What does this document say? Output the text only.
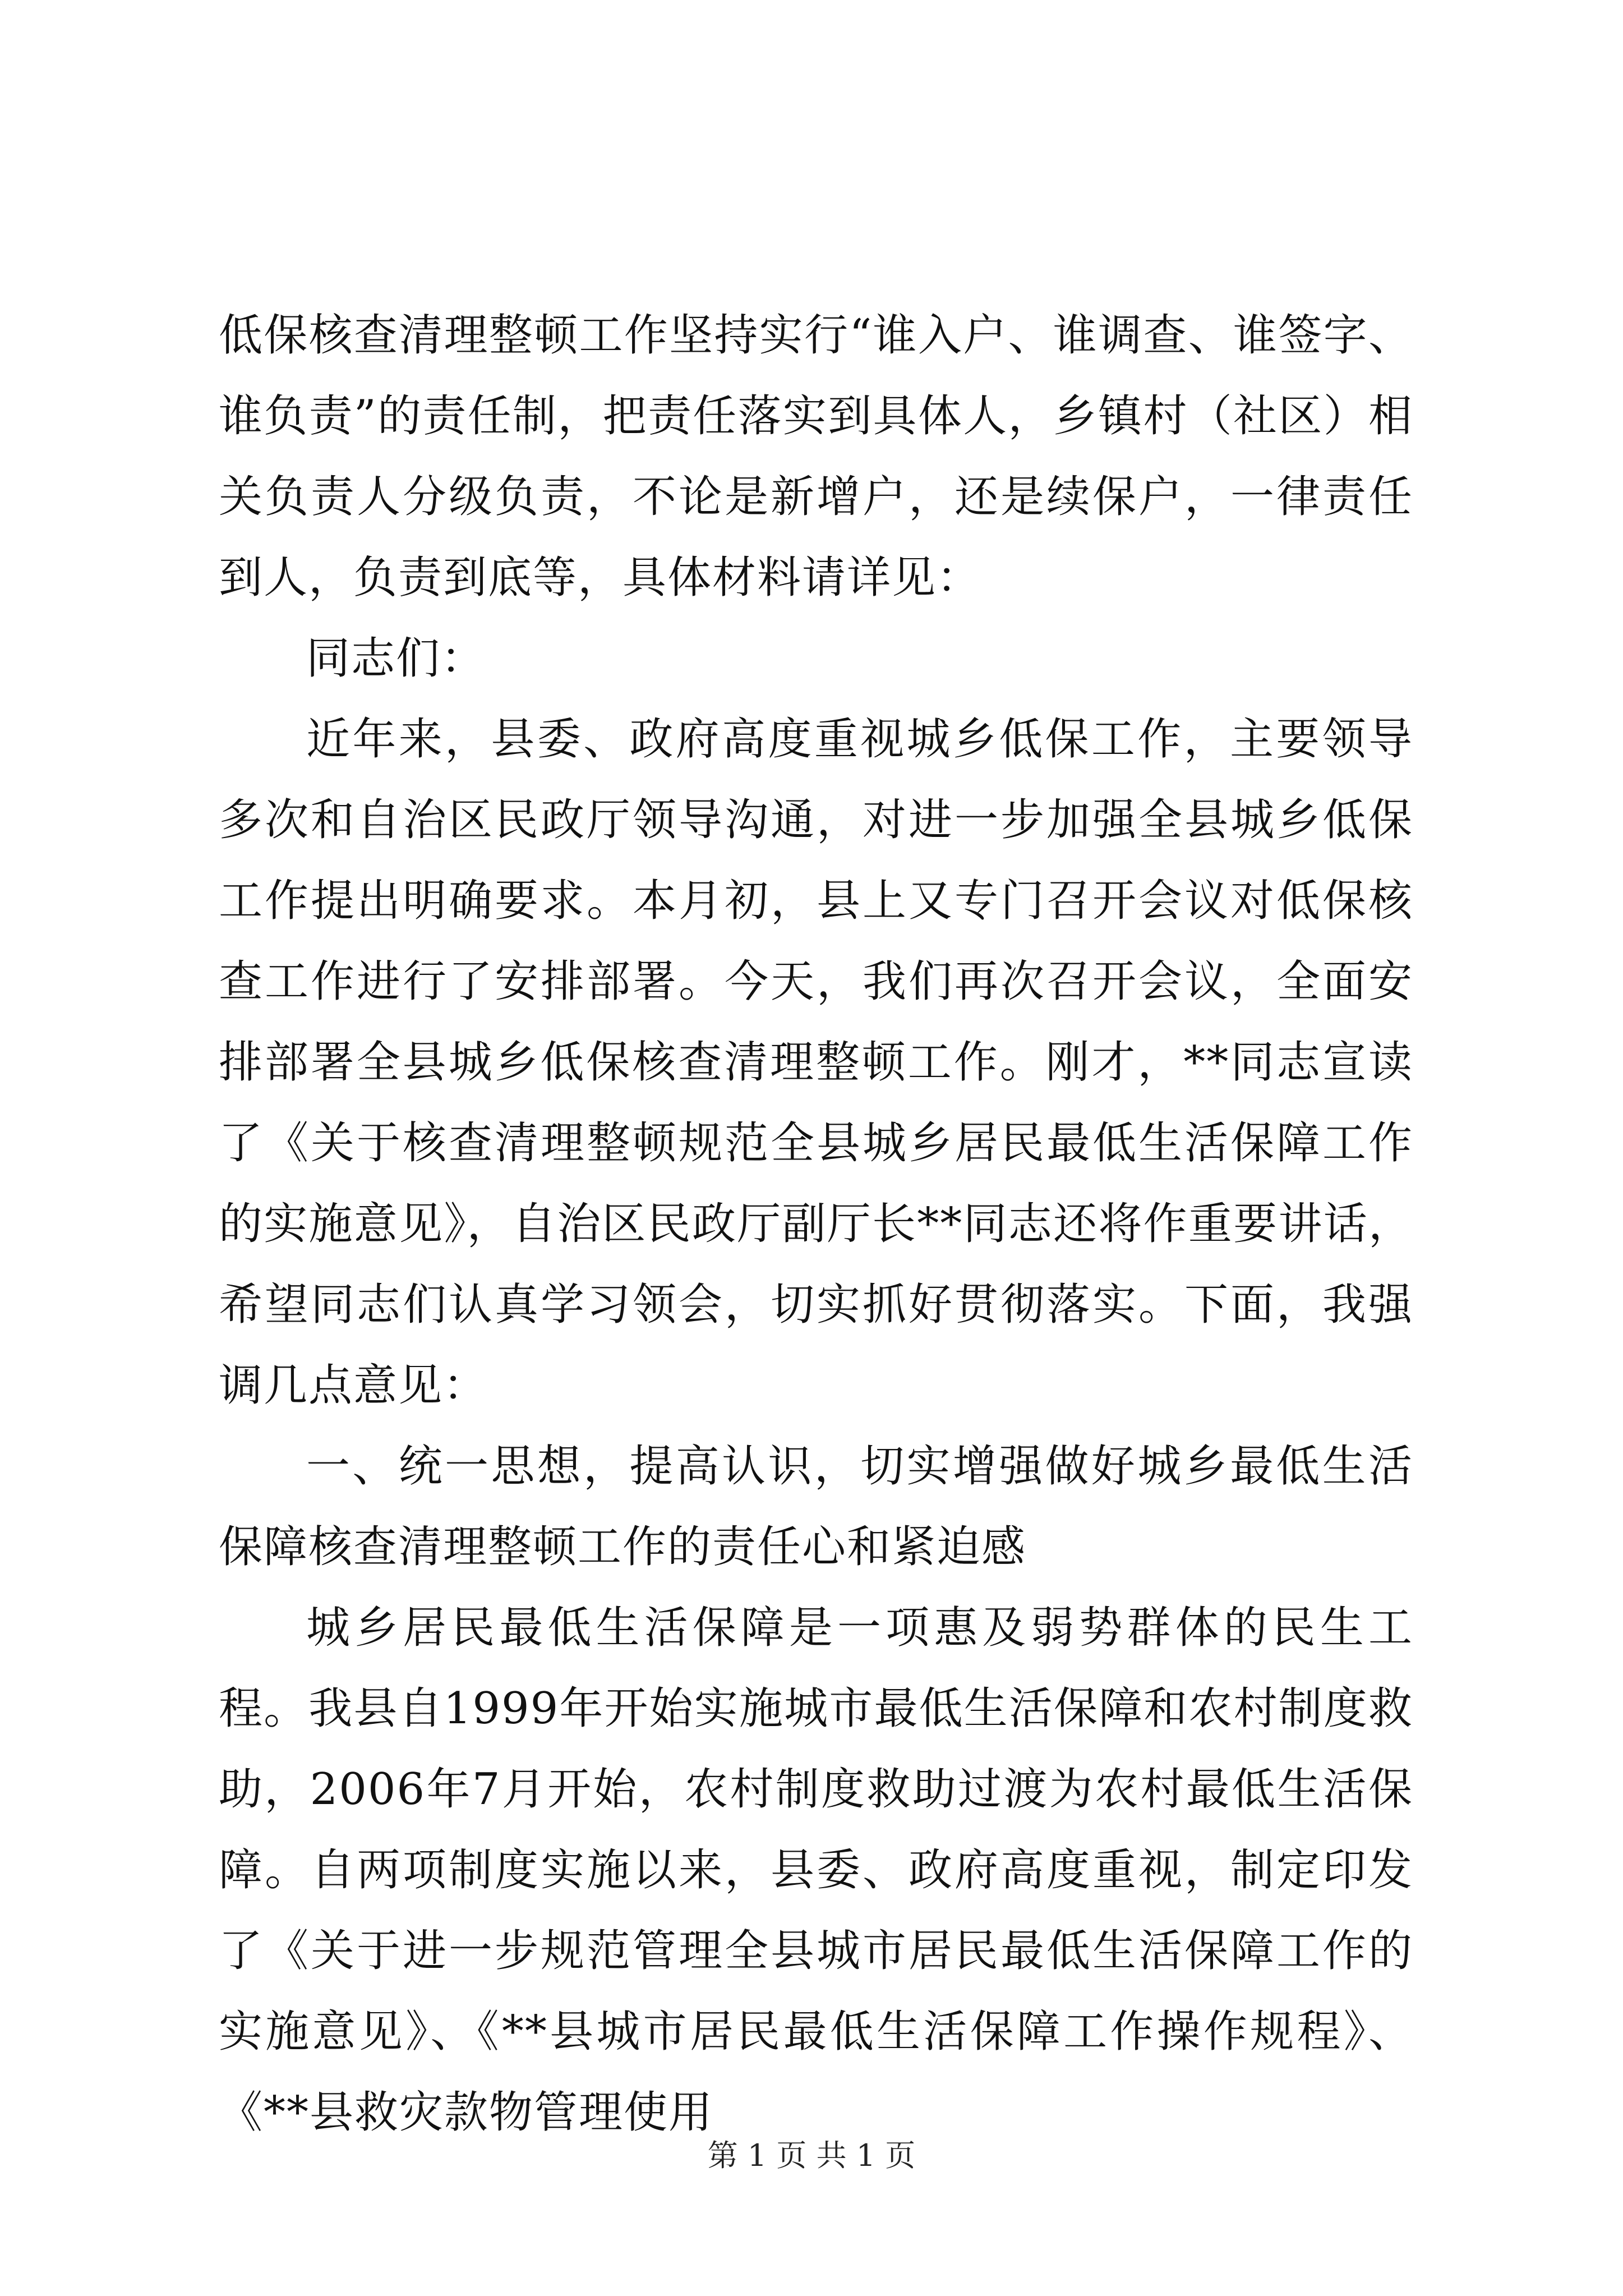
低保核查清理整顿工作坚持实行“谁入户、谁调查、谁签字、谁负责”的责任制，把责任落实到具体人，乡镇村（社区）相关负责人分级负责，不论是新增户，还是续保户，一律责任到人，负责到底等，具体材料请详见：

同志们：

近年来，县委、政府高度重视城乡低保工作，主要领导多次和自治区民政厅领导沟通，对进一步加强全县城乡低保工作提出明确要求。本月初，县上又专门召开会议对低保核查工作进行了安排部署。今天，我们再次召开会议，全面安排部署全县城乡低保核查清理整顿工作。刚才，**同志宣读了《关于核查清理整顿规范全县城乡居民最低生活保障工作的实施意见》，自治区民政厅副厅长**同志还将作重要讲话，希望同志们认真学习领会，切实抓好贯彻落实。下面，我强调几点意见：

一、统一思想，提高认识，切实增强做好城乡最低生活保障核查清理整顿工作的责任心和紧迫感

城乡居民最低生活保障是一项惠及弱势群体的民生工程。我县自1999年开始实施城市最低生活保障和农村制度救助，2006年7月开始，农村制度救助过渡为农村最低生活保障。自两项制度实施以来，县委、政府高度重视，制定印发了《关于进一步规范管理全县城市居民最低生活保障工作的实施意见》、《**县城市居民最低生活保障工作操作规程》、《**县救灾款物管理使用

第 1 页 共 1 页
